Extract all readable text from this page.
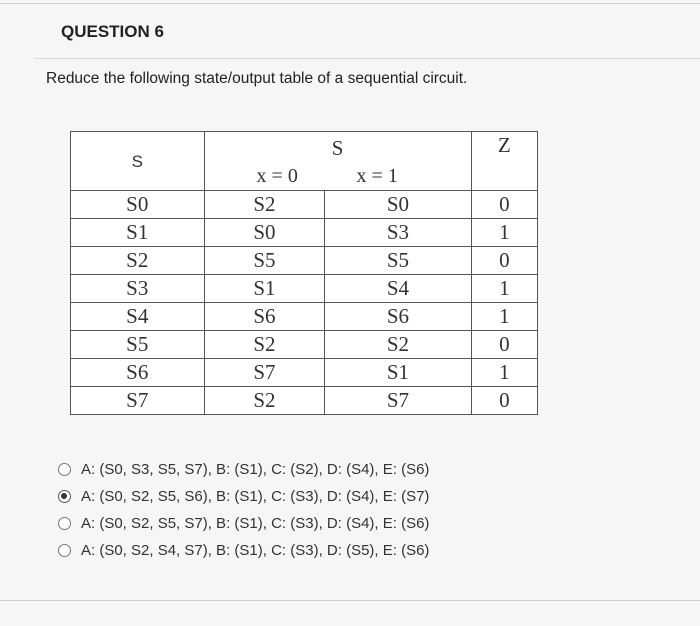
QUESTION 6
Reduce the following state/output table of a sequential circuit.
S	S
x = 0 x = 1		Z
S0	S2	S0	0
S1	S0	S3	1
S2	S5	S5	0
S3	S1	S4	1
S4	S6	S6	1
S5	S2	S2	0
S6	S7	S1	1
S7	S2	S7	0
A: (S0, S3, S5, S7), B: (S1), C: (S2), D: (S4), E: (S6)
A: (S0, S2, S5, S6), B: (S1), C: (S3), D: (S4), E: (S7)
A: (S0, S2, S5, S7), B: (S1), C: (S3), D: (S4), E: (S6)
A: (S0, S2, S4, S7), B: (S1), C: (S3), D: (S5), E: (S6)
